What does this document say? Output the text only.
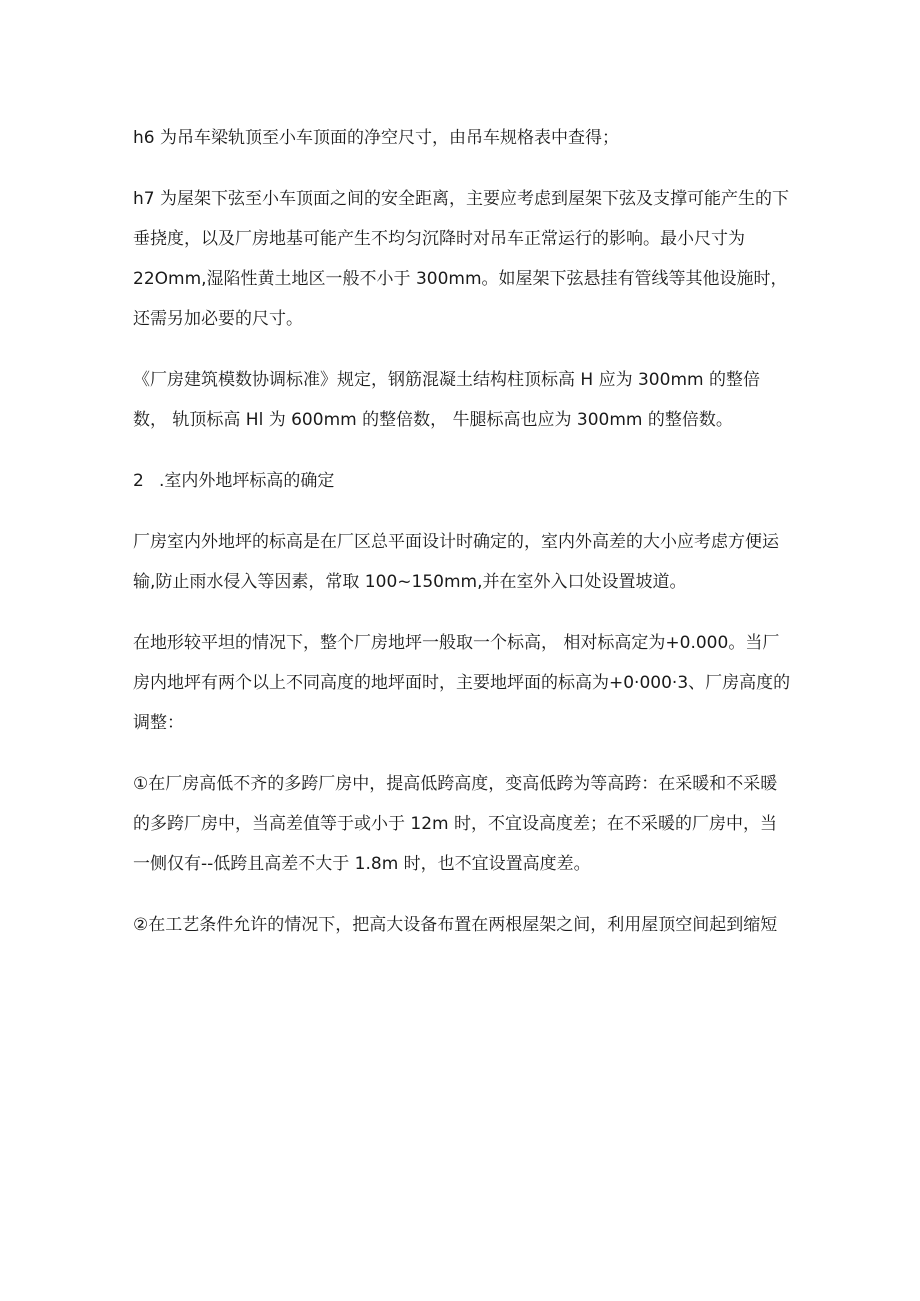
h6 为吊车梁轨顶至小车顶面的净空尺寸，由吊车规格表中查得；

h7 为屋架下弦至小车顶面之间的安全距离，主要应考虑到屋架下弦及支撑可能产生的下垂挠度，以及厂房地基可能产生不均匀沉降时对吊车正常运行的影响。最小尺寸为 22Omm,湿陷性黄土地区一般不小于 300mm。如屋架下弦悬挂有管线等其他设施时，还需另加必要的尺寸。

《厂房建筑模数协调标准》规定，钢筋混凝土结构柱顶标高 H 应为 300mm 的整倍数， 轨顶标高 Hl 为 600mm 的整倍数， 牛腿标高也应为 300mm 的整倍数。

2 .室内外地坪标高的确定

厂房室内外地坪的标高是在厂区总平面设计时确定的，室内外高差的大小应考虑方便运输,防止雨水侵入等因素，常取 100~150mm,并在室外入口处设置坡道。

在地形较平坦的情况下，整个厂房地坪一般取一个标高， 相对标高定为+0.000。当厂房内地坪有两个以上不同高度的地坪面时，主要地坪面的标高为+0·000·3、厂房高度的调整：

①在厂房高低不齐的多跨厂房中，提高低跨高度，变高低跨为等高跨：在采暖和不采暖的多跨厂房中，当高差值等于或小于 12m 时，不宜设高度差；在不采暖的厂房中，当一侧仅有--低跨且高差不大于 1.8m 时，也不宜设置高度差。

②在工艺条件允许的情况下，把高大设备布置在两根屋架之间，利用屋顶空间起到缩短
